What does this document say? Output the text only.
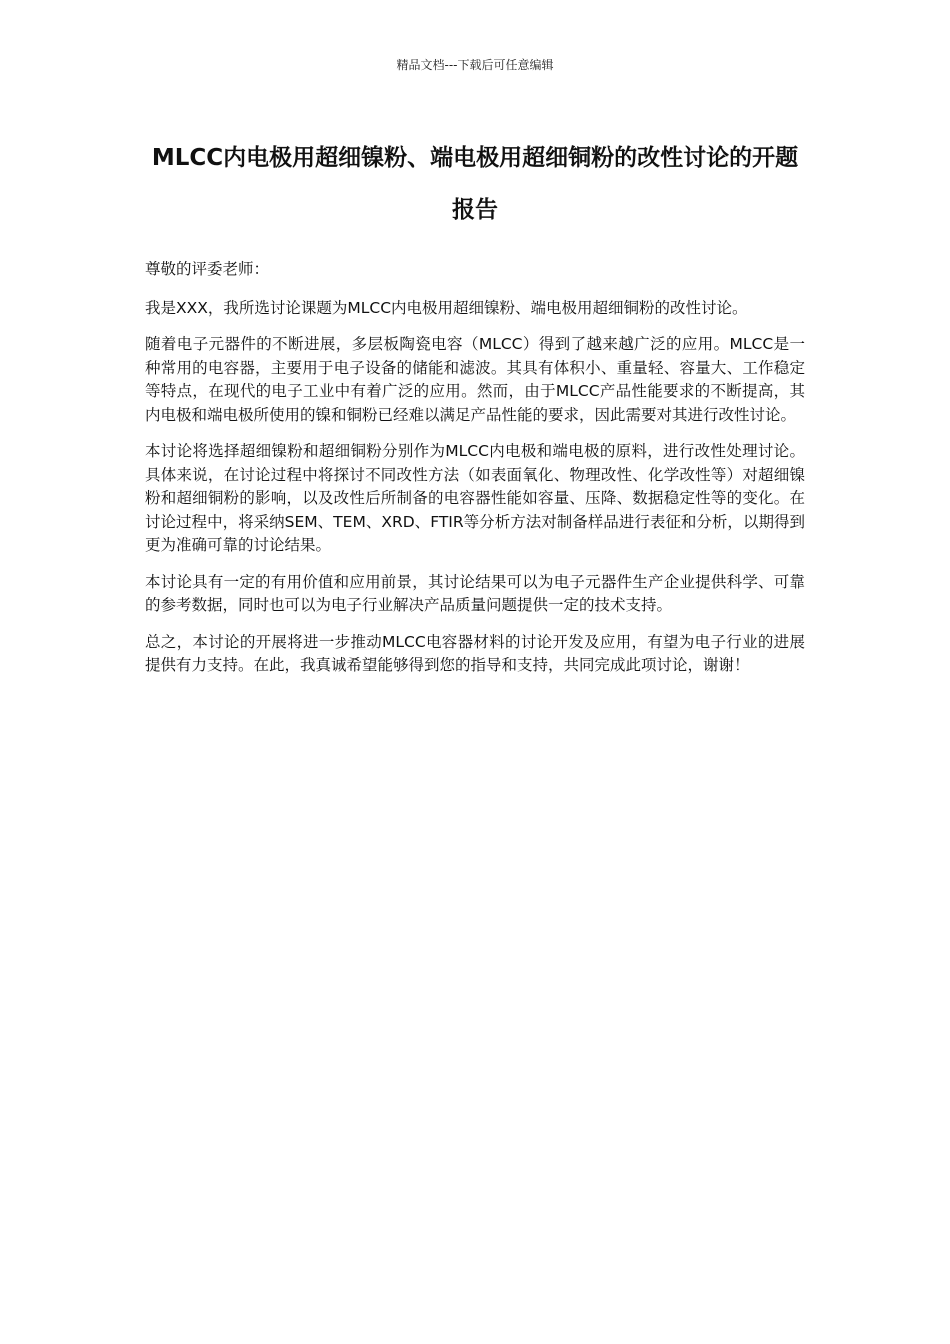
精品文档---下载后可任意编辑
MLCC内电极用超细镍粉、端电极用超细铜粉的改性讨论的开题报告

尊敬的评委老师：

我是XXX，我所选讨论课题为MLCC内电极用超细镍粉、端电极用超细铜粉的改性讨论。

随着电子元器件的不断进展，多层板陶瓷电容（MLCC）得到了越来越广泛的应用。MLCC是一种常用的电容器，主要用于电子设备的储能和滤波。其具有体积小、重量轻、容量大、工作稳定等特点，在现代的电子工业中有着广泛的应用。然而，由于MLCC产品性能要求的不断提高，其内电极和端电极所使用的镍和铜粉已经难以满足产品性能的要求，因此需要对其进行改性讨论。

本讨论将选择超细镍粉和超细铜粉分别作为MLCC内电极和端电极的原料，进行改性处理讨论。具体来说，在讨论过程中将探讨不同改性方法（如表面氧化、物理改性、化学改性等）对超细镍粉和超细铜粉的影响，以及改性后所制备的电容器性能如容量、压降、数据稳定性等的变化。在讨论过程中，将采纳SEM、TEM、XRD、FTIR等分析方法对制备样品进行表征和分析，以期得到更为准确可靠的讨论结果。

本讨论具有一定的有用价值和应用前景，其讨论结果可以为电子元器件生产企业提供科学、可靠的参考数据，同时也可以为电子行业解决产品质量问题提供一定的技术支持。

总之，本讨论的开展将进一步推动MLCC电容器材料的讨论开发及应用，有望为电子行业的进展提供有力支持。在此，我真诚希望能够得到您的指导和支持，共同完成此项讨论，谢谢！
